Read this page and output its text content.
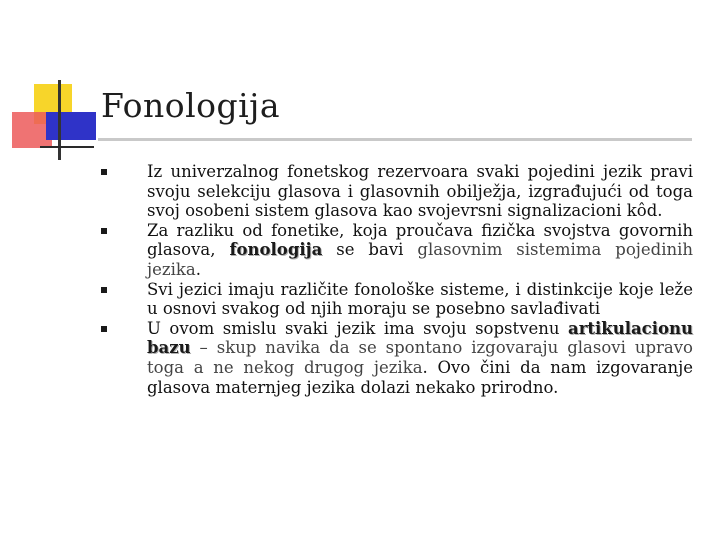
Fonologija
Iz univerzalnog fonetskog rezervoara svaki pojedini jezik pravi svoju selekciju glasova i glasovnih obilježja, izgrađujući od toga svoj osobeni sistem glasova kao svojevrsni signalizacioni kôd.
Za razliku od fonetike, koja proučava fizička svojstva govornih glasova, fonologija se bavi glasovnim sistemima pojedinih jezika.
Svi jezici imaju različite fonološke sisteme, i distinkcije koje leže u osnovi svakog od njih moraju se posebno savlađivati
U ovom smislu svaki jezik ima svoju sopstvenu artikulacionu bazu – skup navika da se spontano izgovaraju glasovi upravo toga a ne nekog drugog jezika. Ovo čini da nam izgovaranje glasova maternjeg jezika dolazi nekako prirodno.
